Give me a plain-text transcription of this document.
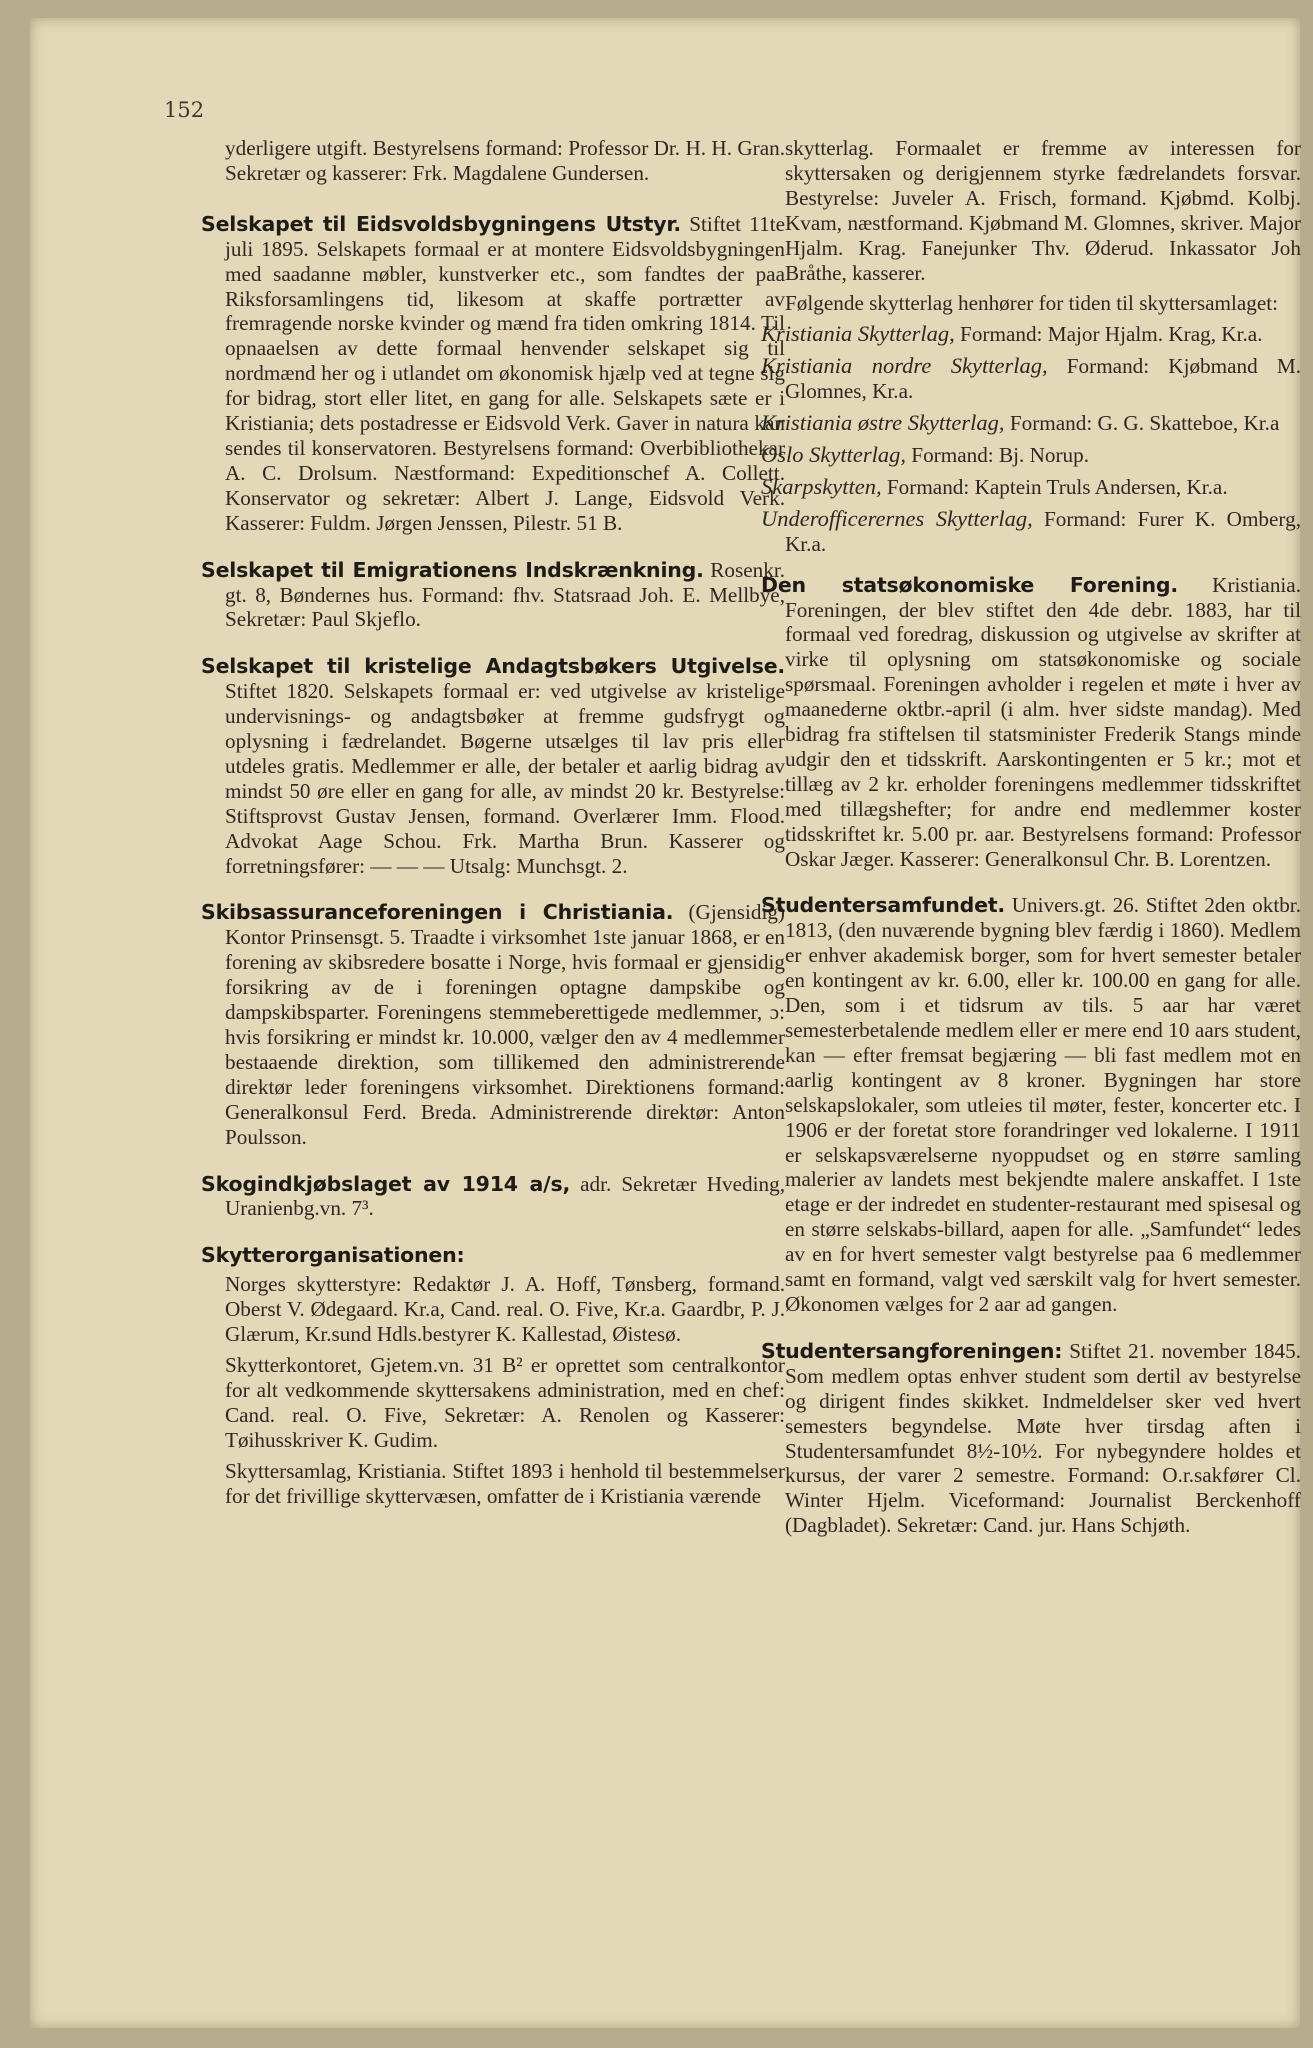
152

yderligere utgift. Bestyrelsens formand: Professor Dr. H. H. Gran. Sekretær og kasserer: Frk. Magdalene Gundersen.

Selskapet til Eidsvoldsbygningens Utstyr. Stiftet 11te juli 1895. Selskapets formaal er at montere Eidsvoldsbygningen med saadanne møbler, kunstverker etc., som fandtes der paa Riksforsamlingens tid, likesom at skaffe portrætter av fremragende norske kvinder og mænd fra tiden omkring 1814. Til opnaaelsen av dette formaal henvender selskapet sig til nordmænd her og i utlandet om økonomisk hjælp ved at tegne sig for bidrag, stort eller litet, en gang for alle. Selskapets sæte er i Kristiania; dets postadresse er Eidsvold Verk. Gaver in natura kan sendes til konservatoren. Bestyrelsens formand: Overbibliothekar A. C. Drolsum. Næstformand: Expeditionschef A. Collett. Konservator og sekretær: Albert J. Lange, Eidsvold Verk. Kasserer: Fuldm. Jørgen Jenssen, Pilestr. 51 B.

Selskapet til Emigrationens Indskrænkning. Rosenkr. gt. 8, Bøndernes hus. Formand: fhv. Statsraad Joh. E. Mellbye, Sekretær: Paul Skjeflo.

Selskapet til kristelige Andagtsbøkers Utgivelse. Stiftet 1820. Selskapets formaal er: ved utgivelse av kristelige undervisnings- og andagtsbøker at fremme gudsfrygt og oplysning i fædrelandet. Bøgerne utsælges til lav pris eller utdeles gratis. Medlemmer er alle, der betaler et aarlig bidrag av mindst 50 øre eller en gang for alle, av mindst 20 kr. Bestyrelse: Stiftsprovst Gustav Jensen, formand. Overlærer Imm. Flood. Advokat Aage Schou. Frk. Martha Brun. Kasserer og forretningsfører: — — — Utsalg: Munchsgt. 2.

Skibsassuranceforeningen i Christiania. (Gjensidig) Kontor Prinsensgt. 5. Traadte i virksomhet 1ste januar 1868, er en forening av skibsredere bosatte i Norge, hvis formaal er gjensidig forsikring av de i foreningen optagne dampskibe og dampskibsparter. Foreningens stemmeberettigede medlemmer, ɔ: hvis forsikring er mindst kr. 10.000, vælger den av 4 medlemmer bestaaende direktion, som tillikemed den administrerende direktør leder foreningens virksomhet. Direktionens formand: Generalkonsul Ferd. Breda. Administrerende direktør: Anton Poulsson.

Skogindkjøbslaget av 1914 a/s, adr. Sekretær Hveding, Uranienbg.vn. 7³.

Skytterorganisationen:

Norges skytterstyre: Redaktør J. A. Hoff, Tønsberg, formand. Oberst V. Ødegaard. Kr.a, Cand. real. O. Five, Kr.a. Gaardbr, P. J. Glærum, Kr.sund Hdls.bestyrer K. Kallestad, Øistesø.

Skytterkontoret, Gjetem.vn. 31 B² er oprettet som centralkontor for alt vedkommende skyttersakens administration, med en chef: Cand. real. O. Five, Sekretær: A. Renolen og Kasserer: Tøihusskriver K. Gudim.

Skyttersamlag, Kristiania. Stiftet 1893 i henhold til bestemmelser for det frivillige skyttervæsen, omfatter de i Kristiania værende

skytterlag. Formaalet er fremme av interessen for skyttersaken og derigjennem styrke fædrelandets forsvar. Bestyrelse: Juveler A. Frisch, formand. Kjøbmd. Kolbj. Kvam, næstformand. Kjøbmand M. Glomnes, skriver. Major Hjalm. Krag. Fanejunker Thv. Øderud. Inkassator Joh Bråthe, kasserer.

Følgende skytterlag henhører for tiden til skyttersamlaget:

Kristiania Skytterlag, Formand: Major Hjalm. Krag, Kr.a.

Kristiania nordre Skytterlag, Formand: Kjøbmand M. Glomnes, Kr.a.

Kristiania østre Skytterlag, Formand: G. G. Skatteboe, Kr.a

Oslo Skytterlag, Formand: Bj. Norup.

Skarpskytten, Formand: Kaptein Truls Andersen, Kr.a.

Underofficerernes Skytterlag, Formand: Furer K. Omberg, Kr.a.

Den statsøkonomiske Forening. Kristiania. Foreningen, der blev stiftet den 4de debr. 1883, har til formaal ved foredrag, diskussion og utgivelse av skrifter at virke til oplysning om statsøkonomiske og sociale spørsmaal. Foreningen avholder i regelen et møte i hver av maanederne oktbr.-april (i alm. hver sidste mandag). Med bidrag fra stiftelsen til statsminister Frederik Stangs minde udgir den et tidsskrift. Aarskontingenten er 5 kr.; mot et tillæg av 2 kr. erholder foreningens medlemmer tidsskriftet med tillægshefter; for andre end medlemmer koster tidsskriftet kr. 5.00 pr. aar. Bestyrelsens formand: Professor Oskar Jæger. Kasserer: Generalkonsul Chr. B. Lorentzen.

Studentersamfundet. Univers.gt. 26. Stiftet 2den oktbr. 1813, (den nuværende bygning blev færdig i 1860). Medlem er enhver akademisk borger, som for hvert semester betaler en kontingent av kr. 6.00, eller kr. 100.00 en gang for alle. Den, som i et tidsrum av tils. 5 aar har været semesterbetalende medlem eller er mere end 10 aars student, kan — efter fremsat begjæring — bli fast medlem mot en aarlig kontingent av 8 kroner. Bygningen har store selskapslokaler, som utleies til møter, fester, koncerter etc. I 1906 er der foretat store forandringer ved lokalerne. I 1911 er selskapsværelserne nyoppudset og en større samling malerier av landets mest bekjendte malere anskaffet. I 1ste etage er der indredet en studenter-restaurant med spisesal og en større selskabs-billard, aapen for alle. „Samfundet“ ledes av en for hvert semester valgt bestyrelse paa 6 medlemmer samt en formand, valgt ved særskilt valg for hvert semester. Økonomen vælges for 2 aar ad gangen.

Studentersangforeningen: Stiftet 21. november 1845. Som medlem optas enhver student som dertil av bestyrelse og dirigent findes skikket. Indmeldelser sker ved hvert semesters begyndelse. Møte hver tirsdag aften i Studentersamfundet 8½-10½. For nybegyndere holdes et kursus, der varer 2 semestre. Formand: O.r.sakfører Cl. Winter Hjelm. Viceformand: Journalist Berckenhoff (Dagbladet). Sekretær: Cand. jur. Hans Schjøth.
